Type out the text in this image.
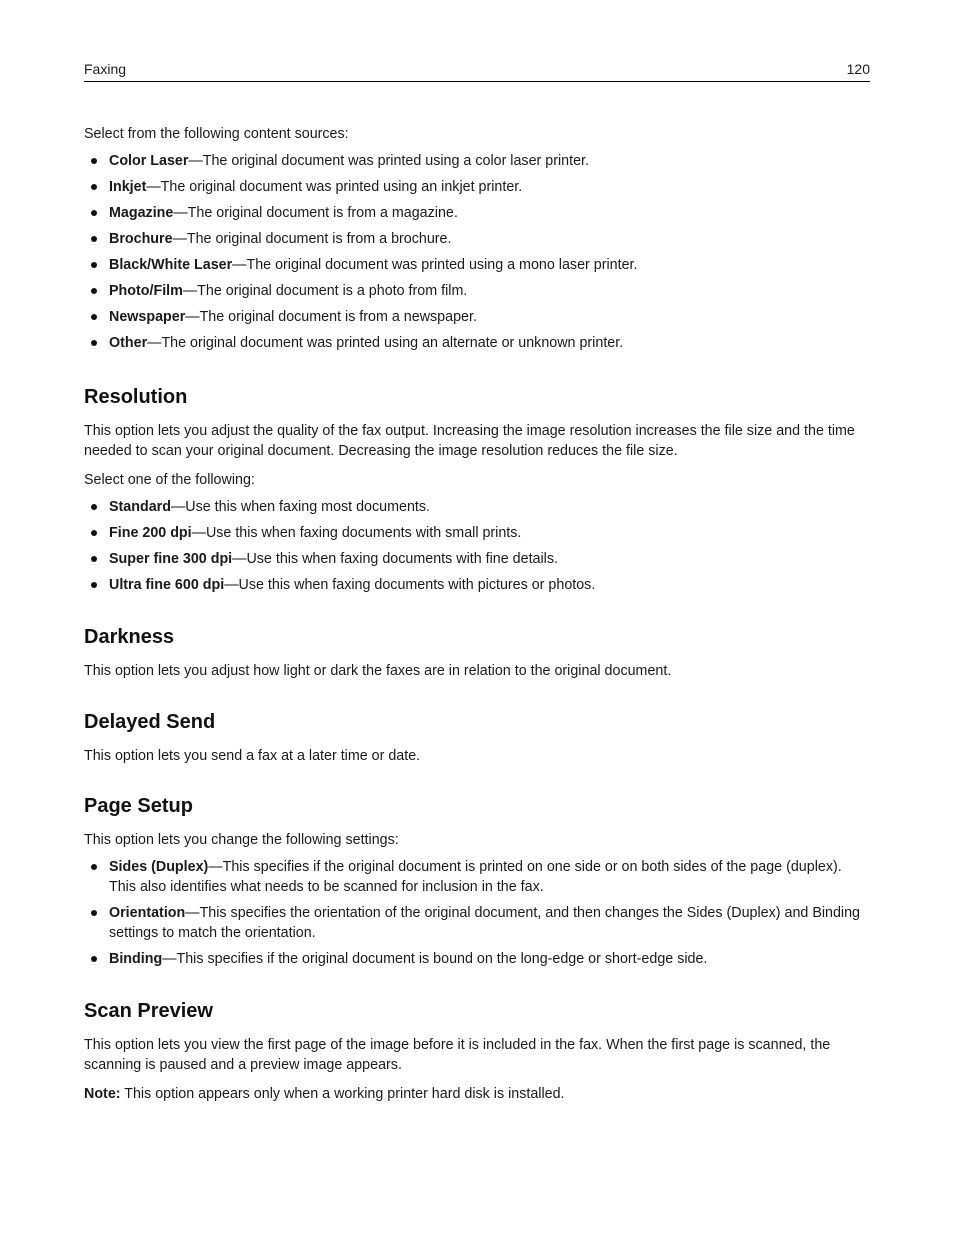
Faxing	120

Select from the following content sources:

Color Laser—The original document was printed using a color laser printer.
Inkjet—The original document was printed using an inkjet printer.
Magazine—The original document is from a magazine.
Brochure—The original document is from a brochure.
Black/White Laser—The original document was printed using a mono laser printer.
Photo/Film—The original document is a photo from film.
Newspaper—The original document is from a newspaper.
Other—The original document was printed using an alternate or unknown printer.
Resolution

This option lets you adjust the quality of the fax output. Increasing the image resolution increases the file size and the time needed to scan your original document. Decreasing the image resolution reduces the file size.

Select one of the following:

Standard—Use this when faxing most documents.
Fine 200 dpi—Use this when faxing documents with small prints.
Super fine 300 dpi—Use this when faxing documents with fine details.
Ultra fine 600 dpi—Use this when faxing documents with pictures or photos.
Darkness

This option lets you adjust how light or dark the faxes are in relation to the original document.

Delayed Send

This option lets you send a fax at a later time or date.

Page Setup

This option lets you change the following settings:

Sides (Duplex)—This specifies if the original document is printed on one side or on both sides of the page (duplex). This also identifies what needs to be scanned for inclusion in the fax.
Orientation—This specifies the orientation of the original document, and then changes the Sides (Duplex) and Binding settings to match the orientation.
Binding—This specifies if the original document is bound on the long-edge or short-edge side.
Scan Preview

This option lets you view the first page of the image before it is included in the fax. When the first page is scanned, the scanning is paused and a preview image appears.

Note: This option appears only when a working printer hard disk is installed.
